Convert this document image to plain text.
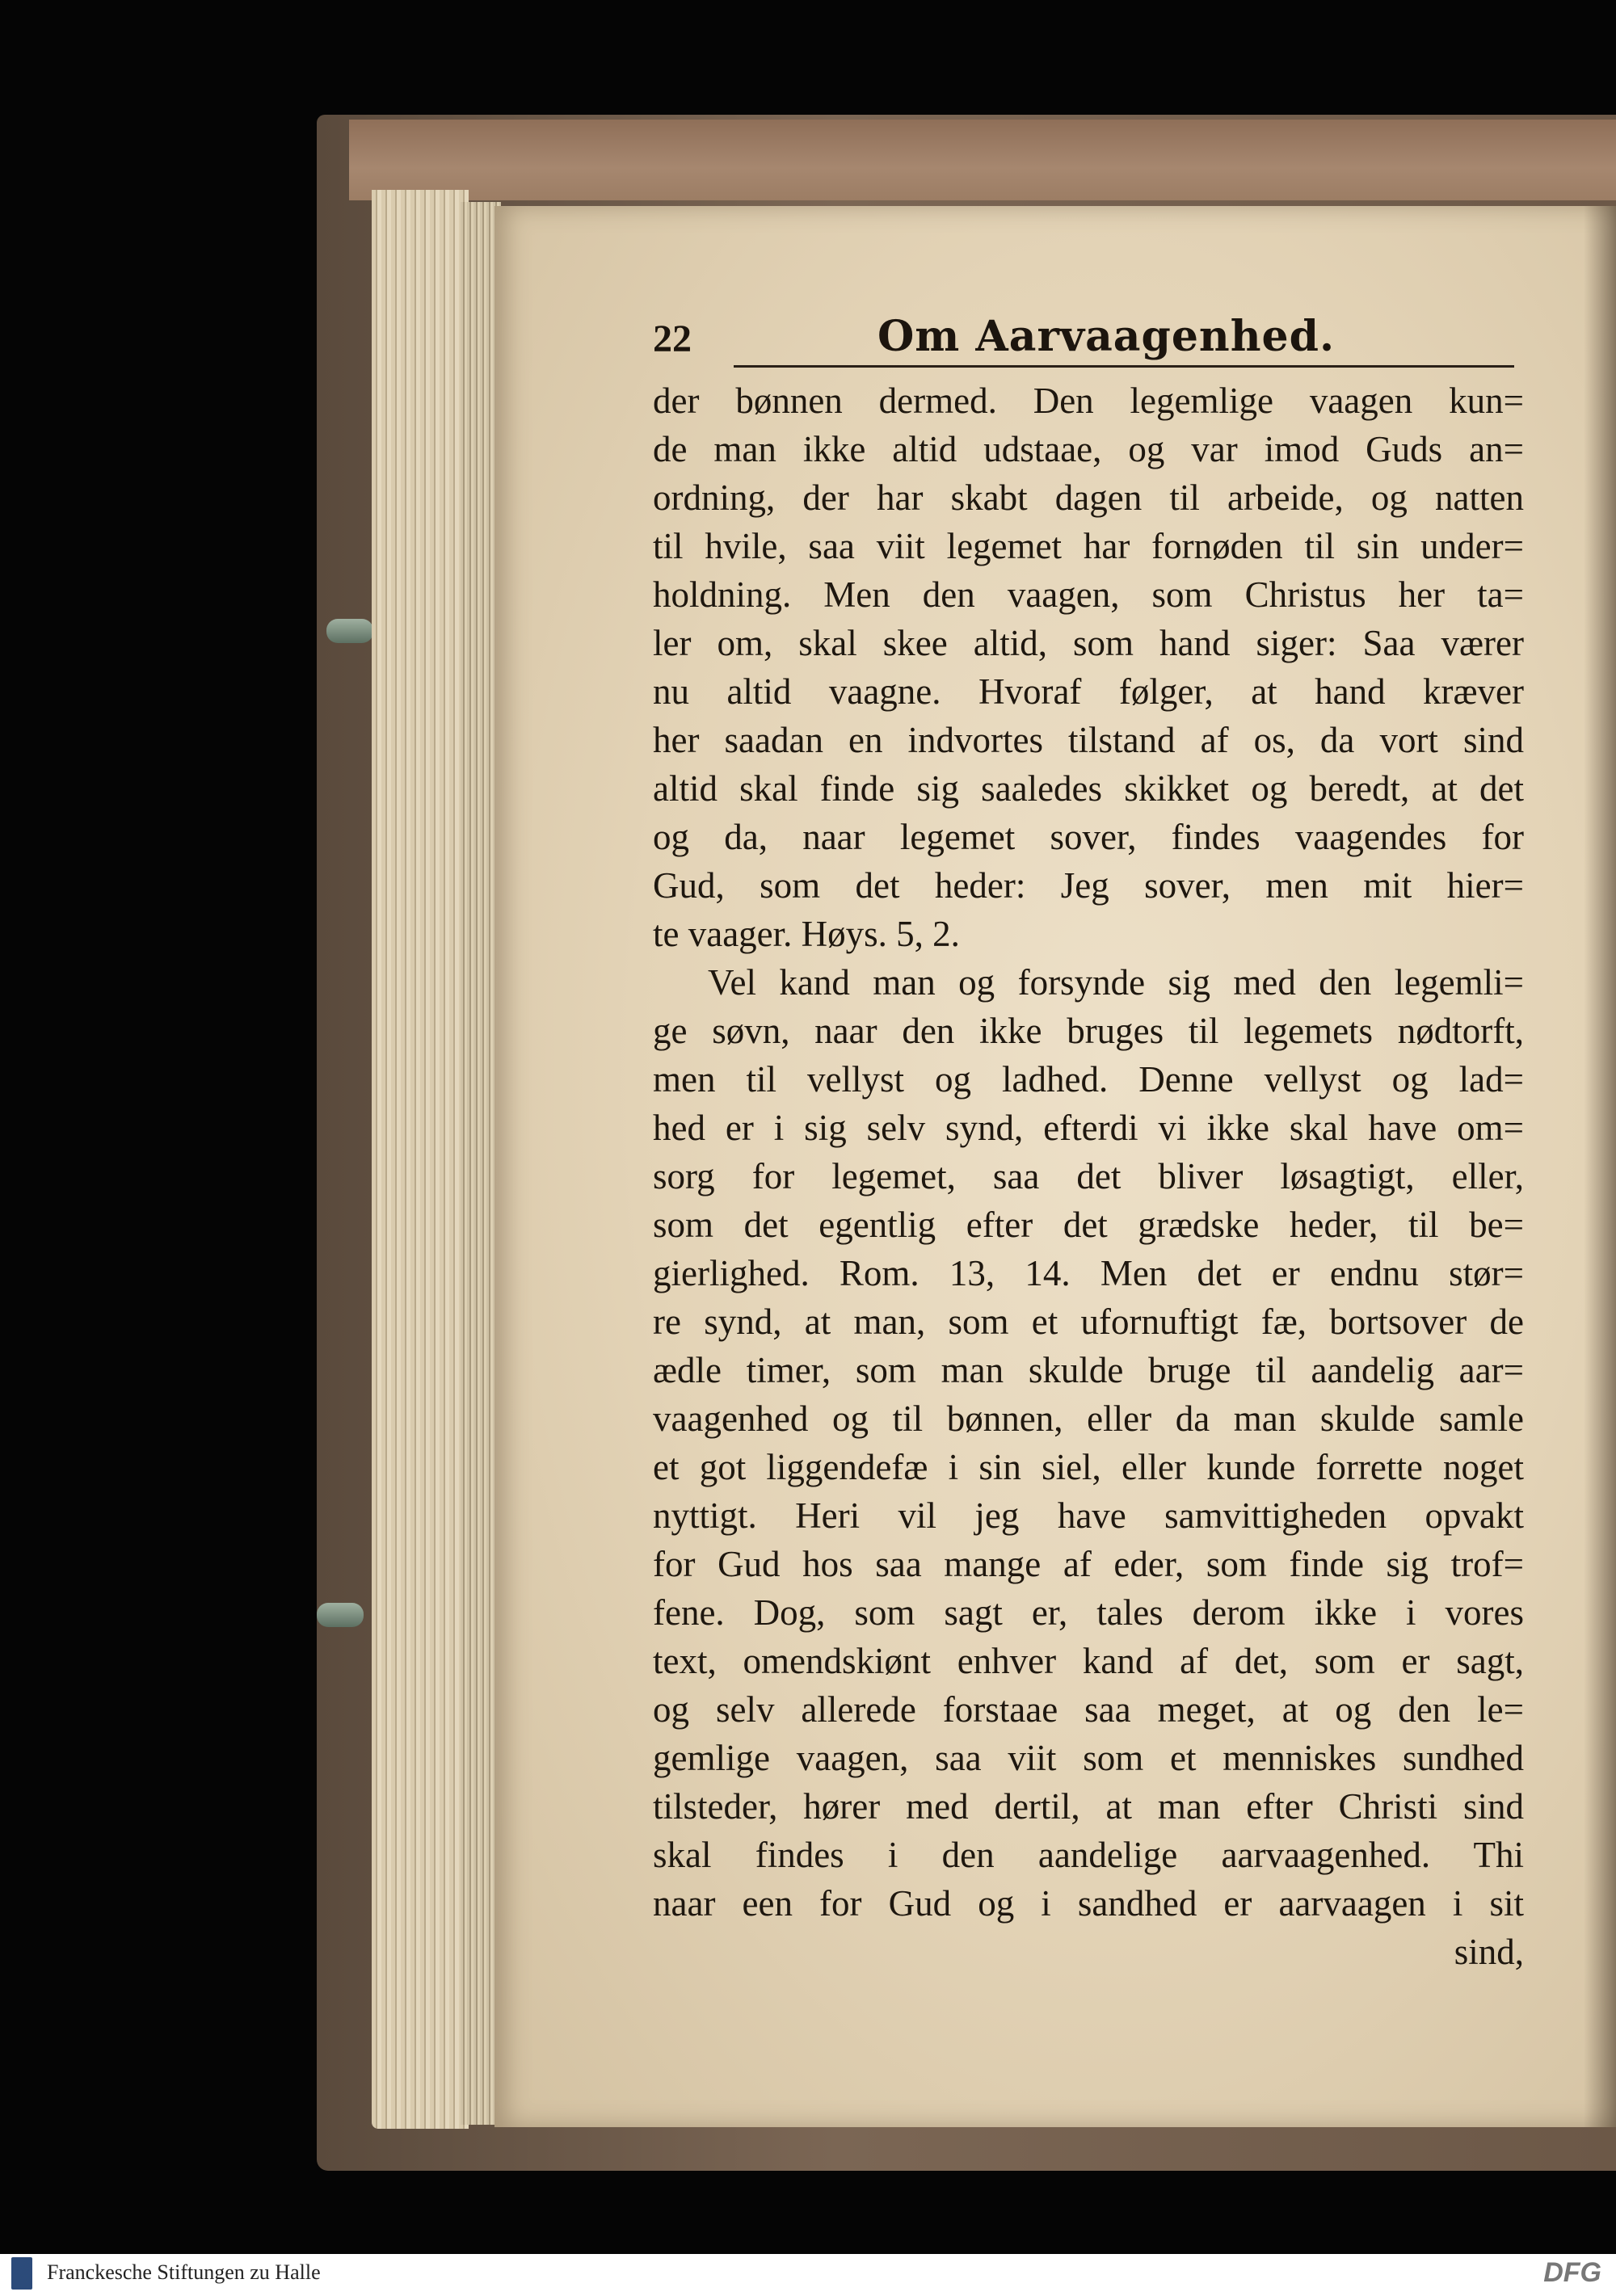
22	Om Aarvaagenhed.
der bønnen dermed. Den legemlige vaagen kun=
de man ikke altid udstaae, og var imod Guds an=
ordning, der har skabt dagen til arbeide, og natten
til hvile, saa viit legemet har fornøden til sin under=
holdning. Men den vaagen, som Christus her ta=
ler om, skal skee altid, som hand siger: Saa værer
nu altid vaagne. Hvoraf følger, at hand kræver
her saadan en indvortes tilstand af os, da vort sind
altid skal finde sig saaledes skikket og beredt, at det
og da, naar legemet sover, findes vaagendes for
Gud, som det heder: Jeg sover, men mit hier=
te vaager. Høys. 5, 2.
Vel kand man og forsynde sig med den legemli=
ge søvn, naar den ikke bruges til legemets nødtorft,
men til vellyst og ladhed. Denne vellyst og lad=
hed er i sig selv synd, efterdi vi ikke skal have om=
sorg for legemet, saa det bliver løsagtigt, eller,
som det egentlig efter det grædske heder, til be=
gierlighed. Rom. 13, 14. Men det er endnu stør=
re synd, at man, som et ufornuftigt fæ, bortsover de
ædle timer, som man skulde bruge til aandelig aar=
vaagenhed og til bønnen, eller da man skulde samle
et got liggendefæ i sin siel, eller kunde forrette noget
nyttigt. Heri vil jeg have samvittigheden opvakt
for Gud hos saa mange af eder, som finde sig trof=
fene. Dog, som sagt er, tales derom ikke i vores
text, omendskiønt enhver kand af det, som er sagt,
og selv allerede forstaae saa meget, at og den le=
gemlige vaagen, saa viit som et menniskes sundhed
tilsteder, hører med dertil, at man efter Christi sind
skal findes i den aandelige aarvaagenhed. Thi
naar een for Gud og i sandhed er aarvaagen i sit
sind,
Franckesche Stiftungen zu Halle	DFG
